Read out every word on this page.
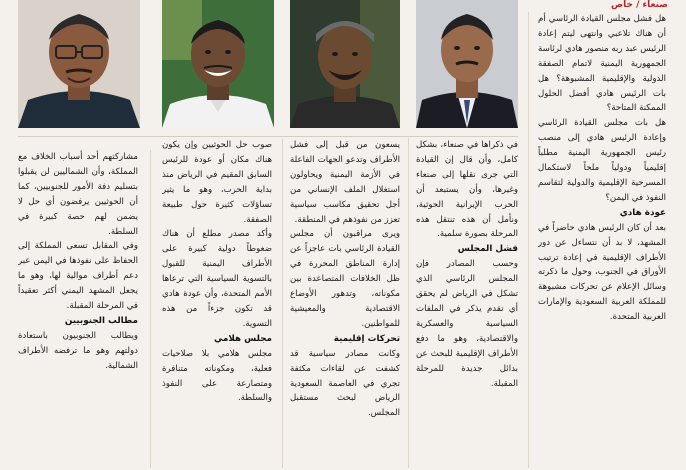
صنعاء / خاص

هل فشل مجلس القيادة الرئاسي أم أن هناك تلاعبي وانتهى ليتم إعادة الرئيس عبد ربه منصور هادي لرئاسة الجمهورية اليمنية لاتمام الصفقة الدولية والإقليمية المشبوهة؟ هل بات الرئيس هادي أفضل الحلول الممكنة المتاحة؟

هل بات مجلس القيادة الرئاسي وإعادة الرئيس هادي إلى منصب رئيس الجمهورية اليمنية مطلباً إقليمياً ودولياً ملحاً لاستكمال المسرحية الإقليمية والدولية لتقاسم النفوذ في اليمن؟

عودة هادي

بعد أن كان الرئيس هادي حاضراً في المشهد، لا بد أن نتساءل عن دور الأطراف الإقليمية في إعادة ترتيب الأوراق في الجنوب، وحول ما ذكرته وسائل الإعلام عن تحركات مشبوهة للمملكة العربية السعودية والإمارات العربية المتحدة.

في ذكراها في صنعاء، بشكل كامل، وأن قال إن القيادة التي جرى نقلها إلى صنعاء وغيرها، وأن يستبعد أن الحرب الإيرانية الحوثية، ونأمل أن هذه تنتقل هذه المرحلة بصورة سلمية.

فشل المجلس

وحسب المصادر فإن المجلس الرئاسي الذي تشكل في الرياض لم يحقق أي تقدم يذكر في الملفات السياسية والعسكرية والاقتصادية، وهو ما دفع الأطراف الإقليمية للبحث عن بدائل جديدة للمرحلة المقبلة.

يسعون من قبل إلى فشل الأطراف وتدعو الجهات الفاعلة في الأزمة اليمنية ويحاولون استغلال الملف الإنساني من أجل تحقيق مكاسب سياسية تعزز من نفوذهم في المنطقة.

ويرى مراقبون أن مجلس القيادة الرئاسي بات عاجزاً عن إدارة المناطق المحررة في ظل الخلافات المتصاعدة بين مكوناته، وتدهور الأوضاع الاقتصادية والمعيشية للمواطنين.

تحركات إقليمية

وكانت مصادر سياسية قد كشفت عن لقاءات مكثفة تجري في العاصمة السعودية الرياض لبحث مستقبل المجلس.

صوب حل الحوثيين وإن يكون هناك مكان أو عودة للرئيس السابق المقيم في الرياض منذ بداية الحرب، وهو ما يثير تساؤلات كثيرة حول طبيعة الصفقة.

وأكد مصدر مطلع أن هناك ضغوطاً دولية كبيرة على الأطراف اليمنية للقبول بالتسوية السياسية التي ترعاها الأمم المتحدة، وأن عودة هادي قد تكون جزءاً من هذه التسوية.

مجلس هلامي

مجلس هلامي بلا صلاحيات فعلية، ومكوناته متنافرة ومتصارعة على النفوذ والسلطة.

مشاركتهم أحد أسباب الخلاف مع المملكة، وأن الشماليين لن يقبلوا بتسليم دفة الأمور للجنوبيين، كما أن الحوثيين يرفضون أي حل لا يضمن لهم حصة كبيرة في السلطة.

وفي المقابل تسعى المملكة إلى الحفاظ على نفوذها في اليمن عبر دعم أطراف موالية لها، وهو ما يجعل المشهد اليمني أكثر تعقيداً في المرحلة المقبلة.

مطالب الجنوبيين

ويطالب الجنوبيون باستعادة دولتهم وهو ما ترفضه الأطراف الشمالية.
